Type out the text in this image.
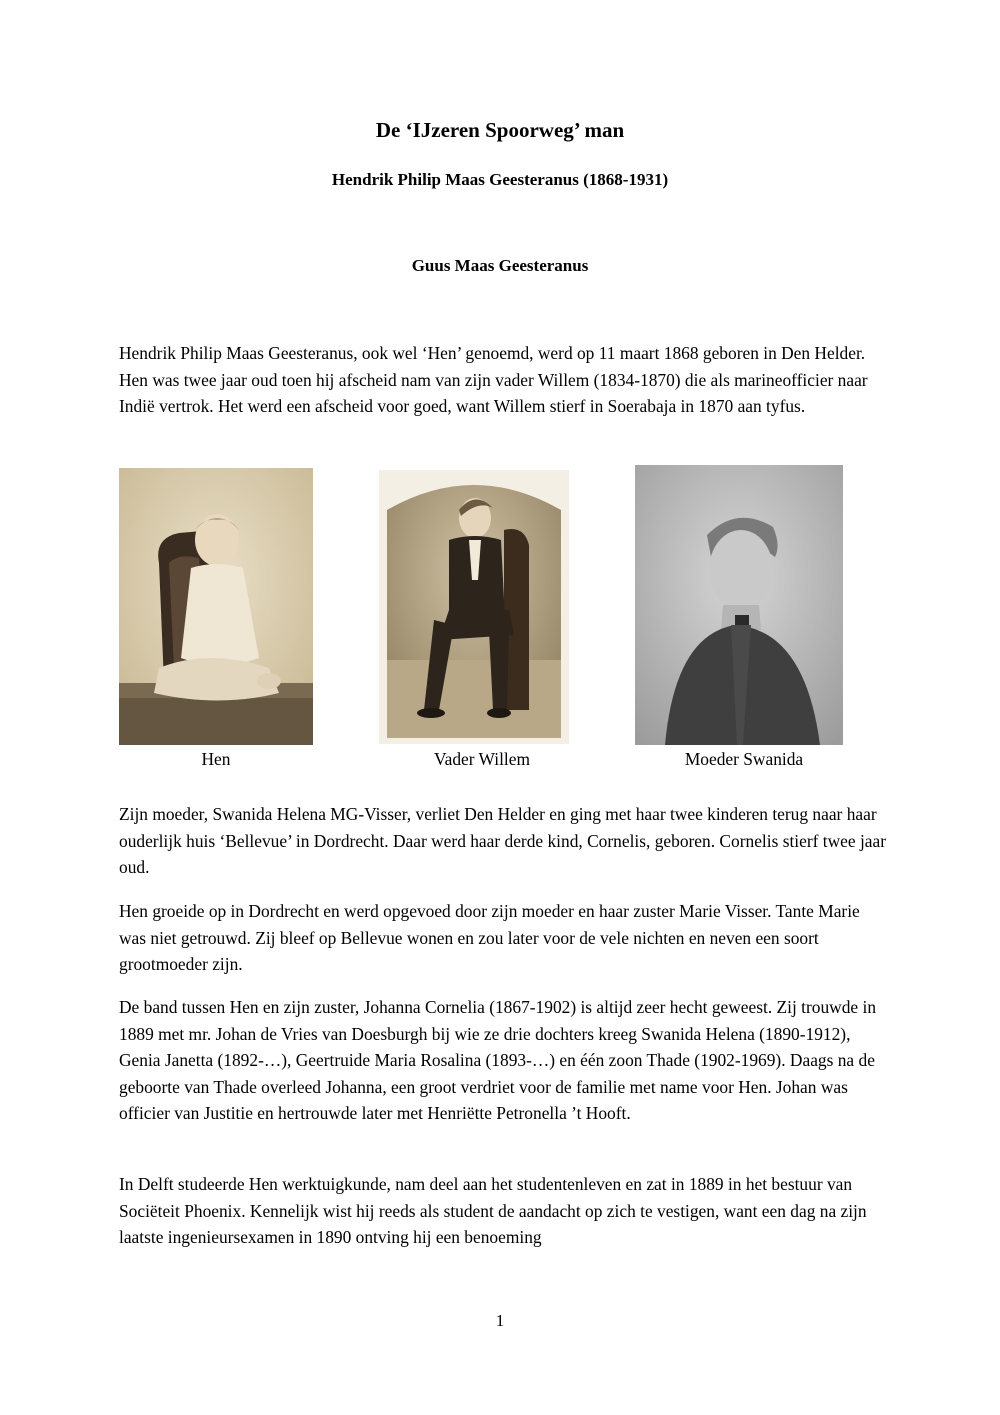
De ‘IJzeren Spoorweg’ man
Hendrik Philip Maas Geesteranus (1868-1931)
Guus Maas Geesteranus

Hendrik Philip Maas Geesteranus, ook wel ‘Hen’ genoemd, werd op 11 maart 1868 geboren in Den Helder. Hen was twee jaar oud toen hij afscheid nam van zijn vader Willem (1834-1870) die als marineofficier naar Indië vertrok. Het werd een afscheid voor goed, want Willem stierf in Soerabaja in 1870 aan tyfus.

Hen	Vader Willem	Moeder Swanida

Zijn moeder, Swanida Helena MG-Visser, verliet Den Helder en ging met haar twee kinderen terug naar haar ouderlijk huis ‘Bellevue’ in Dordrecht. Daar werd haar derde kind, Cornelis, geboren. Cornelis stierf twee jaar oud.

Hen groeide op in Dordrecht en werd opgevoed door zijn moeder en haar zuster Marie Visser. Tante Marie was niet getrouwd. Zij bleef op Bellevue wonen en zou later voor de vele nichten en neven een soort grootmoeder zijn.

De band tussen Hen en zijn zuster, Johanna Cornelia (1867-1902) is altijd zeer hecht geweest. Zij trouwde in 1889 met mr. Johan de Vries van Doesburgh bij wie ze drie dochters kreeg Swanida Helena (1890-1912), Genia Janetta (1892-…), Geertruide Maria Rosalina (1893-…) en één zoon Thade (1902-1969). Daags na de geboorte van Thade overleed Johanna, een groot verdriet voor de familie met name voor Hen. Johan was officier van Justitie en hertrouwde later met Henriëtte Petronella ’t Hooft.

In Delft studeerde Hen werktuigkunde, nam deel aan het studentenleven en zat in 1889 in het bestuur van Sociëteit Phoenix. Kennelijk wist hij reeds als student de aandacht op zich te vestigen, want een dag na zijn laatste ingenieursexamen in 1890 ontving hij een benoeming

1
